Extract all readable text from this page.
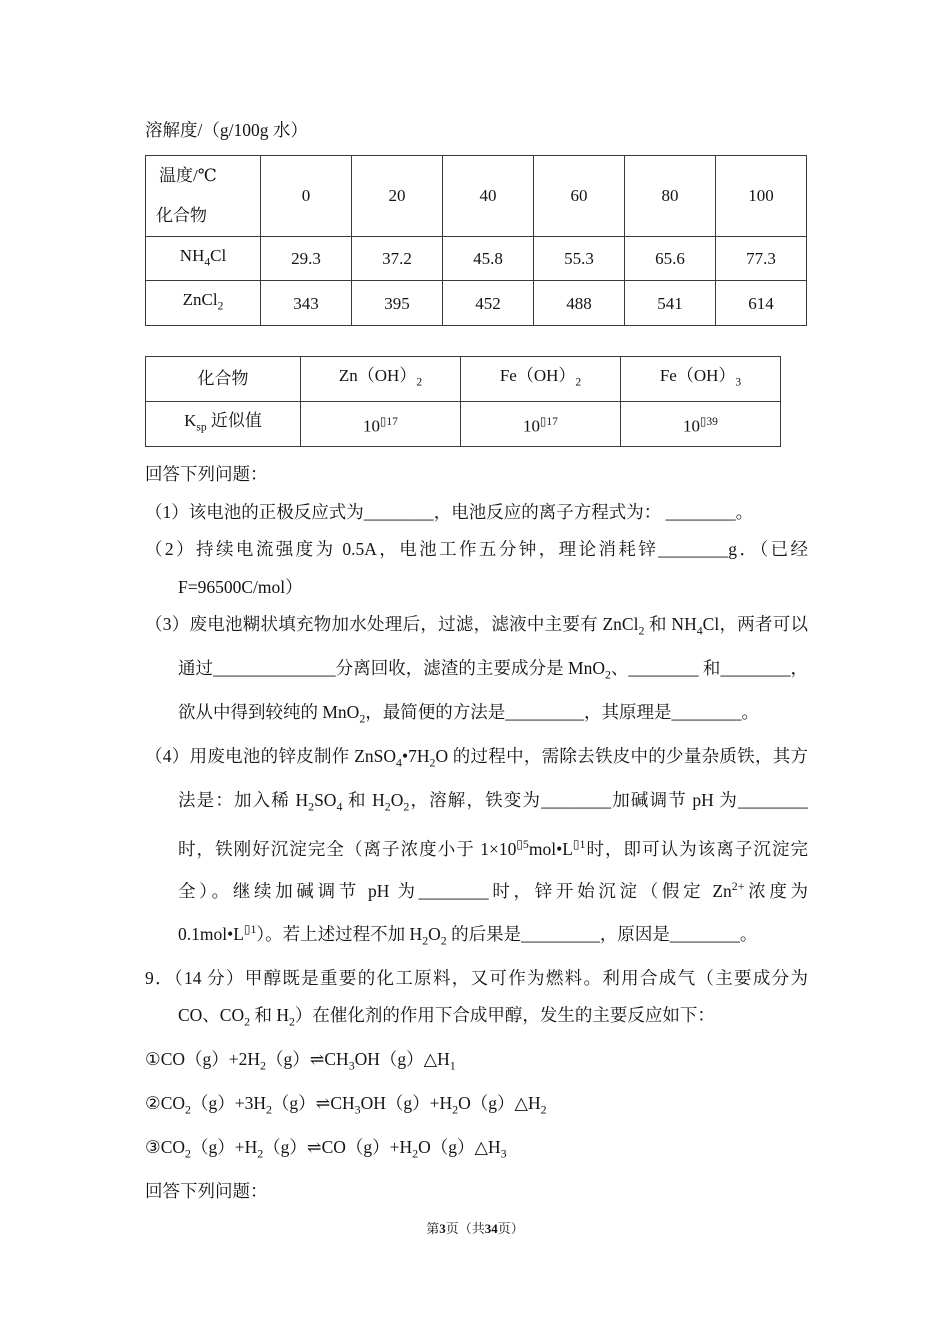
溶解度/（g/100g 水）

温度/℃
化合物	0	20	40	60	80	100
$NH_4Cl$	29.3	37.2	45.8	55.3	65.6	77.3
ZnCl$_2$	343	395	452	488	541	614
化合物	$Zn(OH)_2$	$Fe(OH)_2$	$Fe(OH)_3$
$K_{sp}$ 近似值	$10^{▯17}$	$10^{▯17}$	$10^{▯39}$

回答下列问题：

（1）该电池的正极反应式为________，电池反应的离子方程式为： ________。

（2）持续电流强度为 0.5A，电池工作五分钟，理论消耗锌________g．（已经 F=96500C/mol）

（3）废电池糊状填充物加水处理后，过滤，滤液中主要有 ZnCl$_2$ 和 $NH_4Cl$，两者可以通过______________分离回收，滤渣的主要成分是 MnO$_2$、________ 和________，欲从中得到较纯的 MnO$_2$，最简便的方法是_________，其原理是________。

（4）用废电池的锌皮制作 $ZnSO_4•7H_2O$ 的过程中，需除去铁皮中的少量杂质铁，其方法是：加入稀 $H_2SO_4$ 和 $H_2O_2$，溶解，铁变为________加碱调节 pH 为________时，铁刚好沉淀完全（离子浓度小于 $1\times 10^{▯5}mol•L^{▯1}$时，即可认为该离子沉淀完全）。继续加碱调节 pH 为________时，锌开始沉淀（假定 $Zn^{2+}$浓度为 $0.1mol•L^{▯1}$）。若上述过程不加 $H_2O_2$ 的后果是_________，原因是________。

9．（14 分）甲醇既是重要的化工原料，又可作为燃料。利用合成气（主要成分为 CO、$CO_2$ 和 $H_2$）在催化剂的作用下合成甲醇，发生的主要反应如下：

$①CO(g)+2H_2(g)\rightleftharpoons CH_3OH(g)\triangle H_1$

$②CO_2(g)+3H_2(g)\rightleftharpoons CH_3OH(g)+H_2O(g)\triangle H_2$

$③CO_2(g)+H_2(g)\rightleftharpoons CO(g)+H_2O(g)\triangle H_3$

回答下列问题：

第3页（共34页）
